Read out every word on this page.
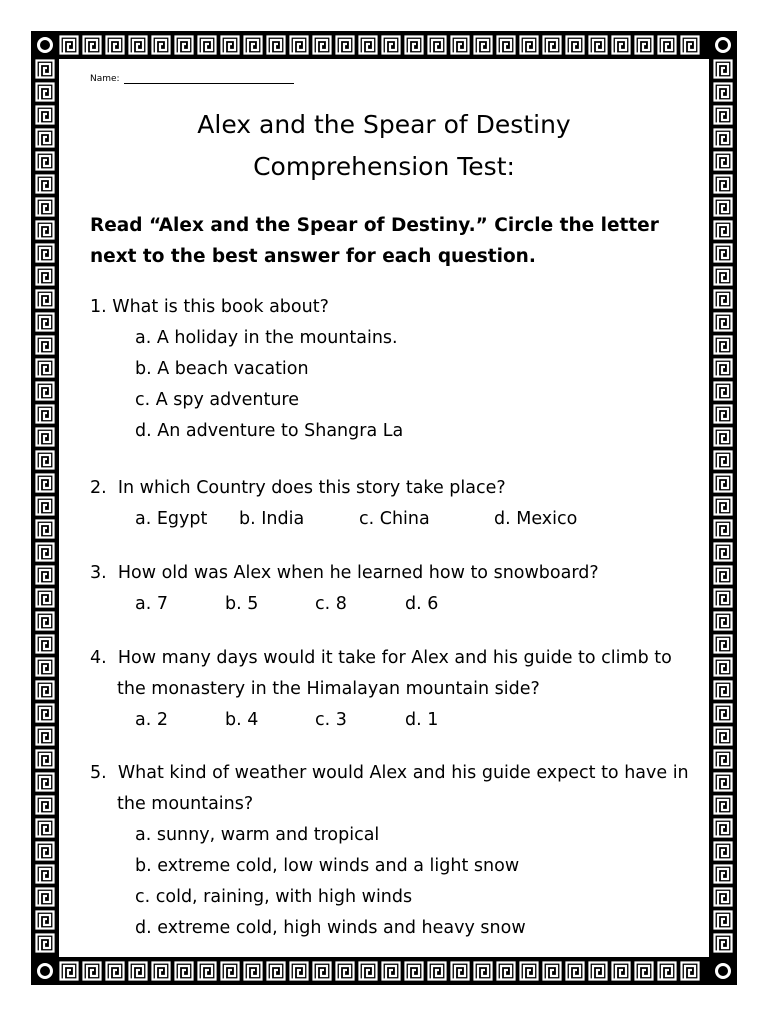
Name:
Alex and the Spear of Destiny
Comprehension Test:
Read “Alex and the Spear of Destiny.” Circle the letter next to the best answer for each question.
1. What is this book about?
a. A holiday in the mountains.
b. A beach vacation
c. A spy adventure
d. An adventure to Shangra La
2. In which Country does this story take place?
a. Egypt	b. India	c. China	d. Mexico
3. How old was Alex when he learned how to snowboard?
a. 7	b. 5	c. 8	d. 6
4. How many days would it take for Alex and his guide to climb to
the monastery in the Himalayan mountain side?
a. 2	b. 4	c. 3	d. 1
5. What kind of weather would Alex and his guide expect to have in
the mountains?
a. sunny, warm and tropical
b. extreme cold, low winds and a light snow
c. cold, raining, with high winds
d. extreme cold, high winds and heavy snow
